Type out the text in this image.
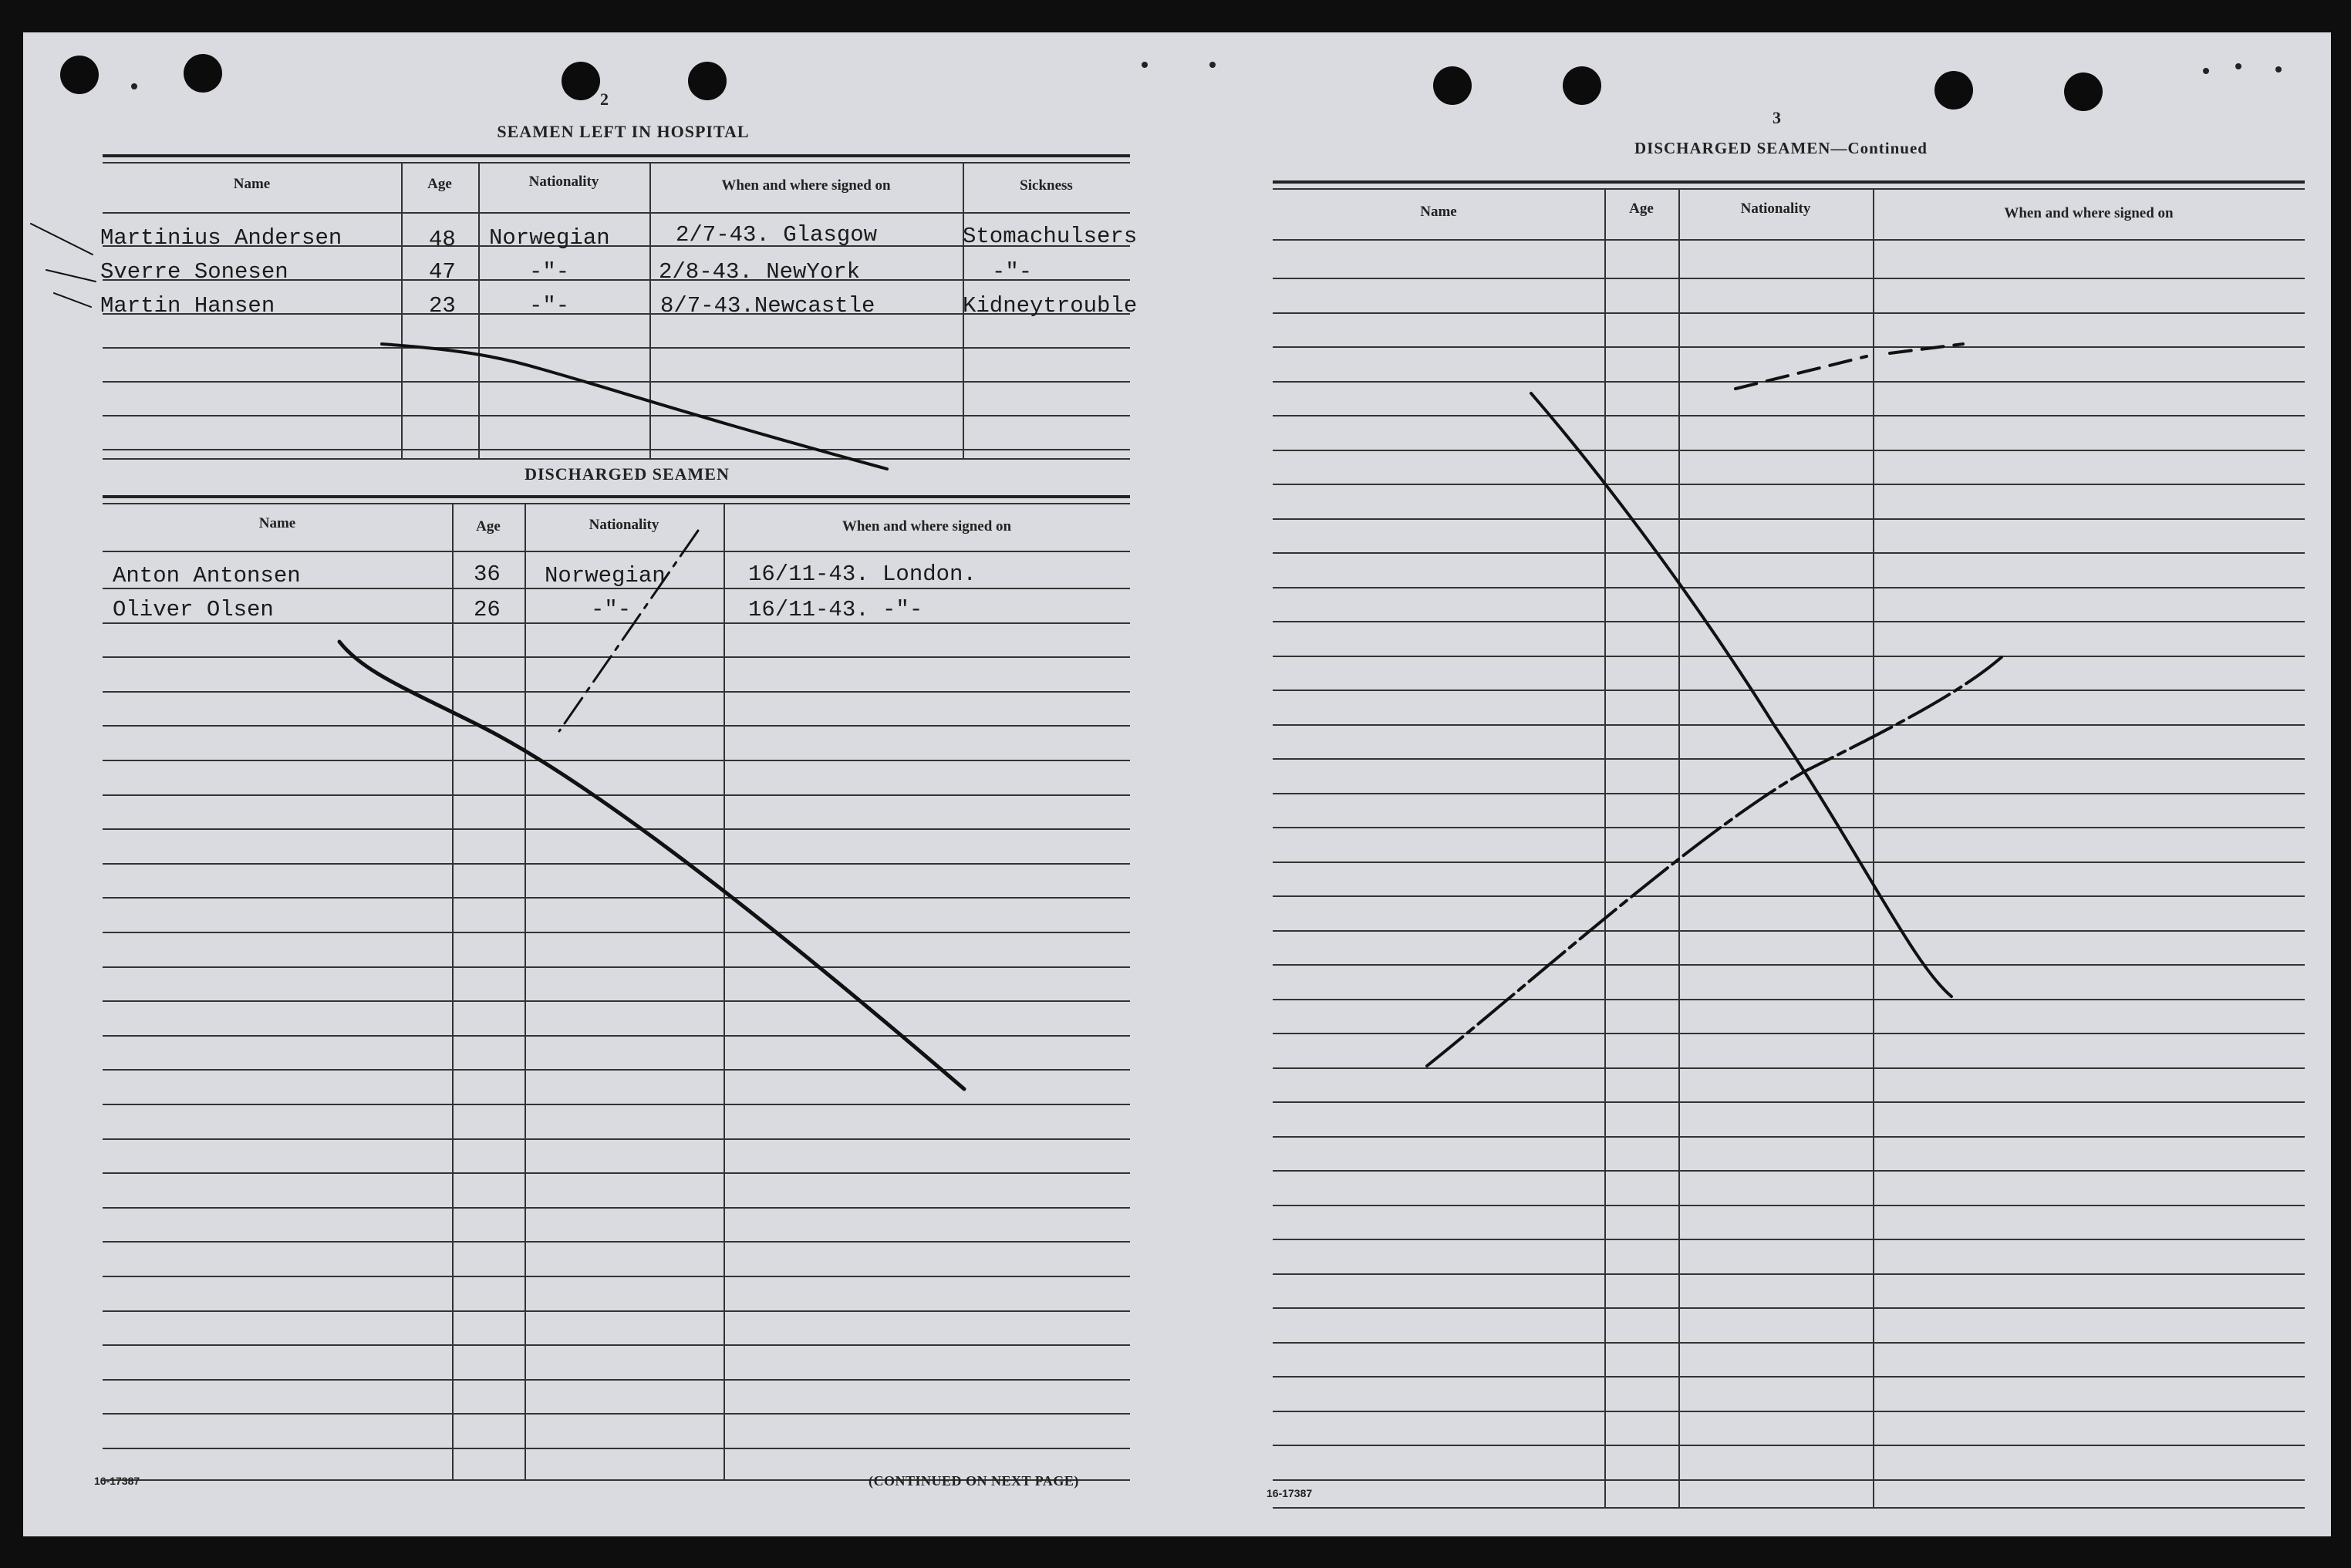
2
SEAMEN LEFT IN HOSPITAL
Name	Age	Nationality	When and where signed on	Sickness
Martinius Andersen	48 Norwegian	2/7-43. Glasgow	Stomachulsers
Sverre Sonesen	47	-"-	2/8-43. NewYork	-"-
Martin Hansen	23	-"-	8/7-43.Newcastle	Kidneytrouble
DISCHARGED SEAMEN
Name	Age	Nationality	When and where signed on
Anton Antonsen	36 Norwegian	16/11-43. London.
Oliver Olsen	26	-"-	16/11-43. -"-
16-17387	(CONTINUED ON NEXT PAGE)
3
DISCHARGED SEAMEN—Continued
Name	Age	Nationality	When and where signed on
16-17387
